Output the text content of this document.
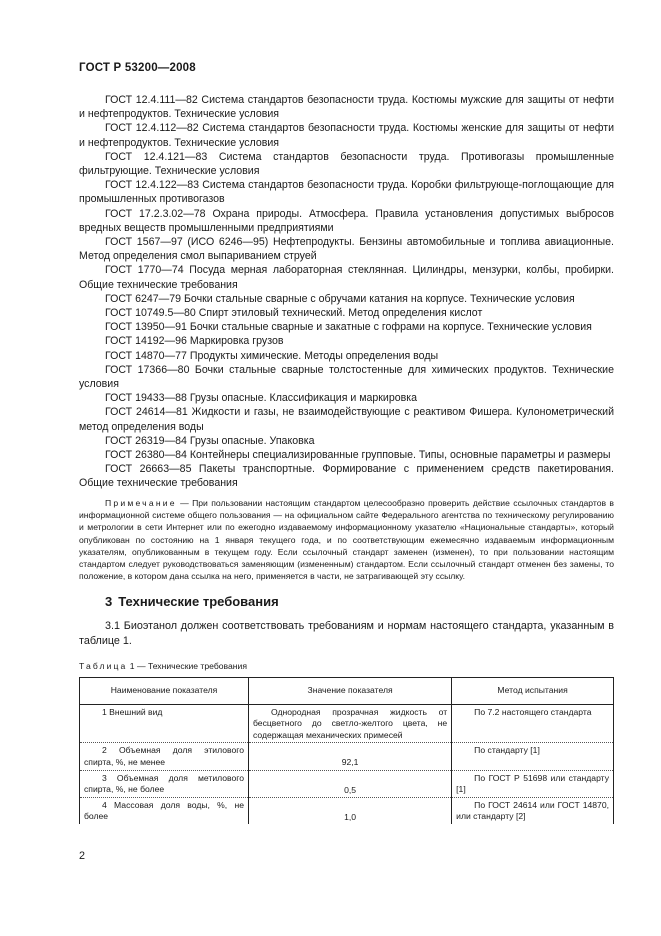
ГОСТ Р 53200—2008

ГОСТ 12.4.111—82 Система стандартов безопасности труда. Костюмы мужские для защиты от нефти и нефтепродуктов. Технические условия

ГОСТ 12.4.112—82 Система стандартов безопасности труда. Костюмы женские для защиты от нефти и нефтепродуктов. Технические условия

ГОСТ 12.4.121—83 Система стандартов безопасности труда. Противогазы промышленные фильтрующие. Технические условия

ГОСТ 12.4.122—83 Система стандартов безопасности труда. Коробки фильтрующе-поглощающие для промышленных противогазов

ГОСТ 17.2.3.02—78 Охрана природы. Атмосфера. Правила установления допустимых выбросов вредных веществ промышленными предприятиями

ГОСТ 1567—97 (ИСО 6246—95) Нефтепродукты. Бензины автомобильные и топлива авиационные. Метод определения смол выпариванием струей

ГОСТ 1770—74 Посуда мерная лабораторная стеклянная. Цилиндры, мензурки, колбы, пробирки. Общие технические требования

ГОСТ 6247—79 Бочки стальные сварные с обручами катания на корпусе. Технические условия

ГОСТ 10749.5—80 Спирт этиловый технический. Метод определения кислот

ГОСТ 13950—91 Бочки стальные сварные и закатные с гофрами на корпусе. Технические условия

ГОСТ 14192—96 Маркировка грузов

ГОСТ 14870—77 Продукты химические. Методы определения воды

ГОСТ 17366—80 Бочки стальные сварные толстостенные для химических продуктов. Технические условия

ГОСТ 19433—88 Грузы опасные. Классификация и маркировка

ГОСТ 24614—81 Жидкости и газы, не взаимодействующие с реактивом Фишера. Кулонометрический метод определения воды

ГОСТ 26319—84 Грузы опасные. Упаковка

ГОСТ 26380—84 Контейнеры специализированные групповые. Типы, основные параметры и размеры

ГОСТ 26663—85 Пакеты транспортные. Формирование с применением средств пакетирования. Общие технические требования

Примечание — При пользовании настоящим стандартом целесообразно проверить действие ссылочных стандартов в информационной системе общего пользования — на официальном сайте Федерального агентства по техническому регулированию и метрологии в сети Интернет или по ежегодно издаваемому информационному указателю «Национальные стандарты», который опубликован по состоянию на 1 января текущего года, и по соответствующим ежемесячно издаваемым информационным указателям, опубликованным в текущем году. Если ссылочный стандарт заменен (изменен), то при пользовании настоящим стандартом следует руководствоваться заменяющим (измененным) стандартом. Если ссылочный стандарт отменен без замены, то положение, в котором дана ссылка на него, применяется в части, не затрагивающей эту ссылку.
3 Технические требования
3.1 Биоэтанол должен соответствовать требованиям и нормам настоящего стандарта, указанным в таблице 1.
Таблица 1 — Технические требования
Наименование показателя	Значение показателя	Метод испытания
1 Внешний вид	Однородная прозрачная жидкость от бесцветного до светло-желтого цвета, не содержащая механических примесей	По 7.2 настоящего стандарта
2 Объемная доля этилового спирта, %, не менее	92,1	По стандарту [1]
3 Объемная доля метилового спирта, %, не более	0,5	По ГОСТ Р 51698 или стандарту [1]
4 Массовая доля воды, %, не более	1,0	По ГОСТ 24614 или ГОСТ 14870, или стандарту [2]
2
